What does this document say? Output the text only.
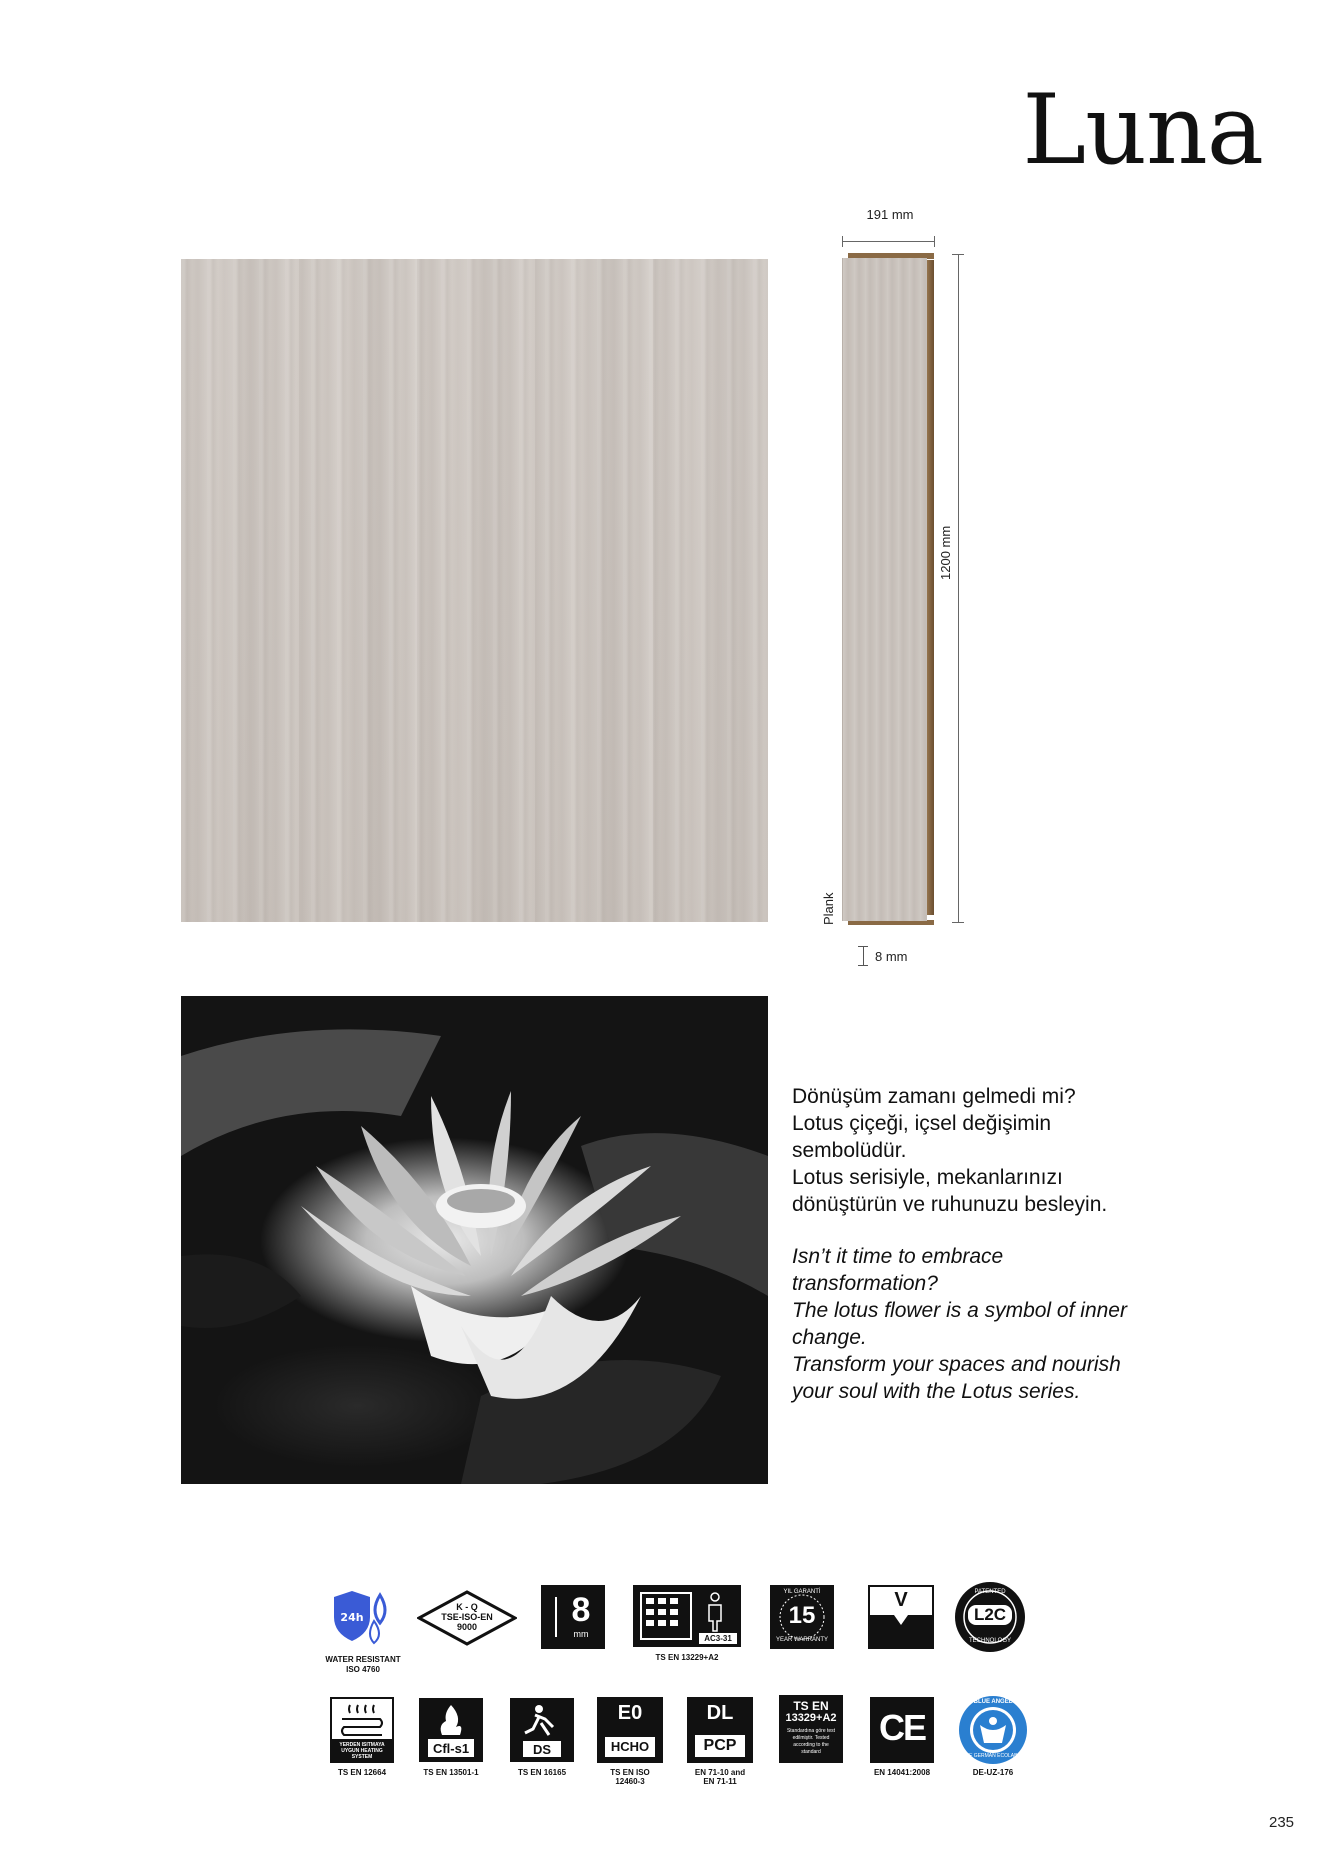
Luna
191 mm
1200 mm
Plank
8 mm

Dönüşüm zamanı gelmedi mi?

Lotus çiçeği, içsel değişimin

sembolüdür.

Lotus serisiyle, mekanlarınızı

dönüştürün ve ruhunuzu besleyin.

Isn’t it time to embrace

transformation?

The lotus flower is a symbol of inner

change.

Transform your spaces and nourish

your soul with the Lotus series.

24h
WATER RESISTANT
ISO 4760
K - Q
TSE-ISO-EN
9000	8
mm	AC3-31
TS EN 13229+A2
YIL GARANTİ
15
YEAR WARRANTY
V	PATENTED
L2C
TECHNOLOGY
YERDEN ISITMAYA UYGUN HEATING SYSTEM
TS EN 12664
Cfl-s1
TS EN 13501-1
DS
TS EN 16165
E0
HCHO
TS EN ISO
12460-3
DL
PCP
EN 71-10 and
EN 71-11
TS EN
13329+A2
Standardına göre test edilmiştir. Tested according to the standard
CE
EN 14041:2008
BLUE ANGEL
THE GERMAN ECOLABEL
DE-UZ-176
235
